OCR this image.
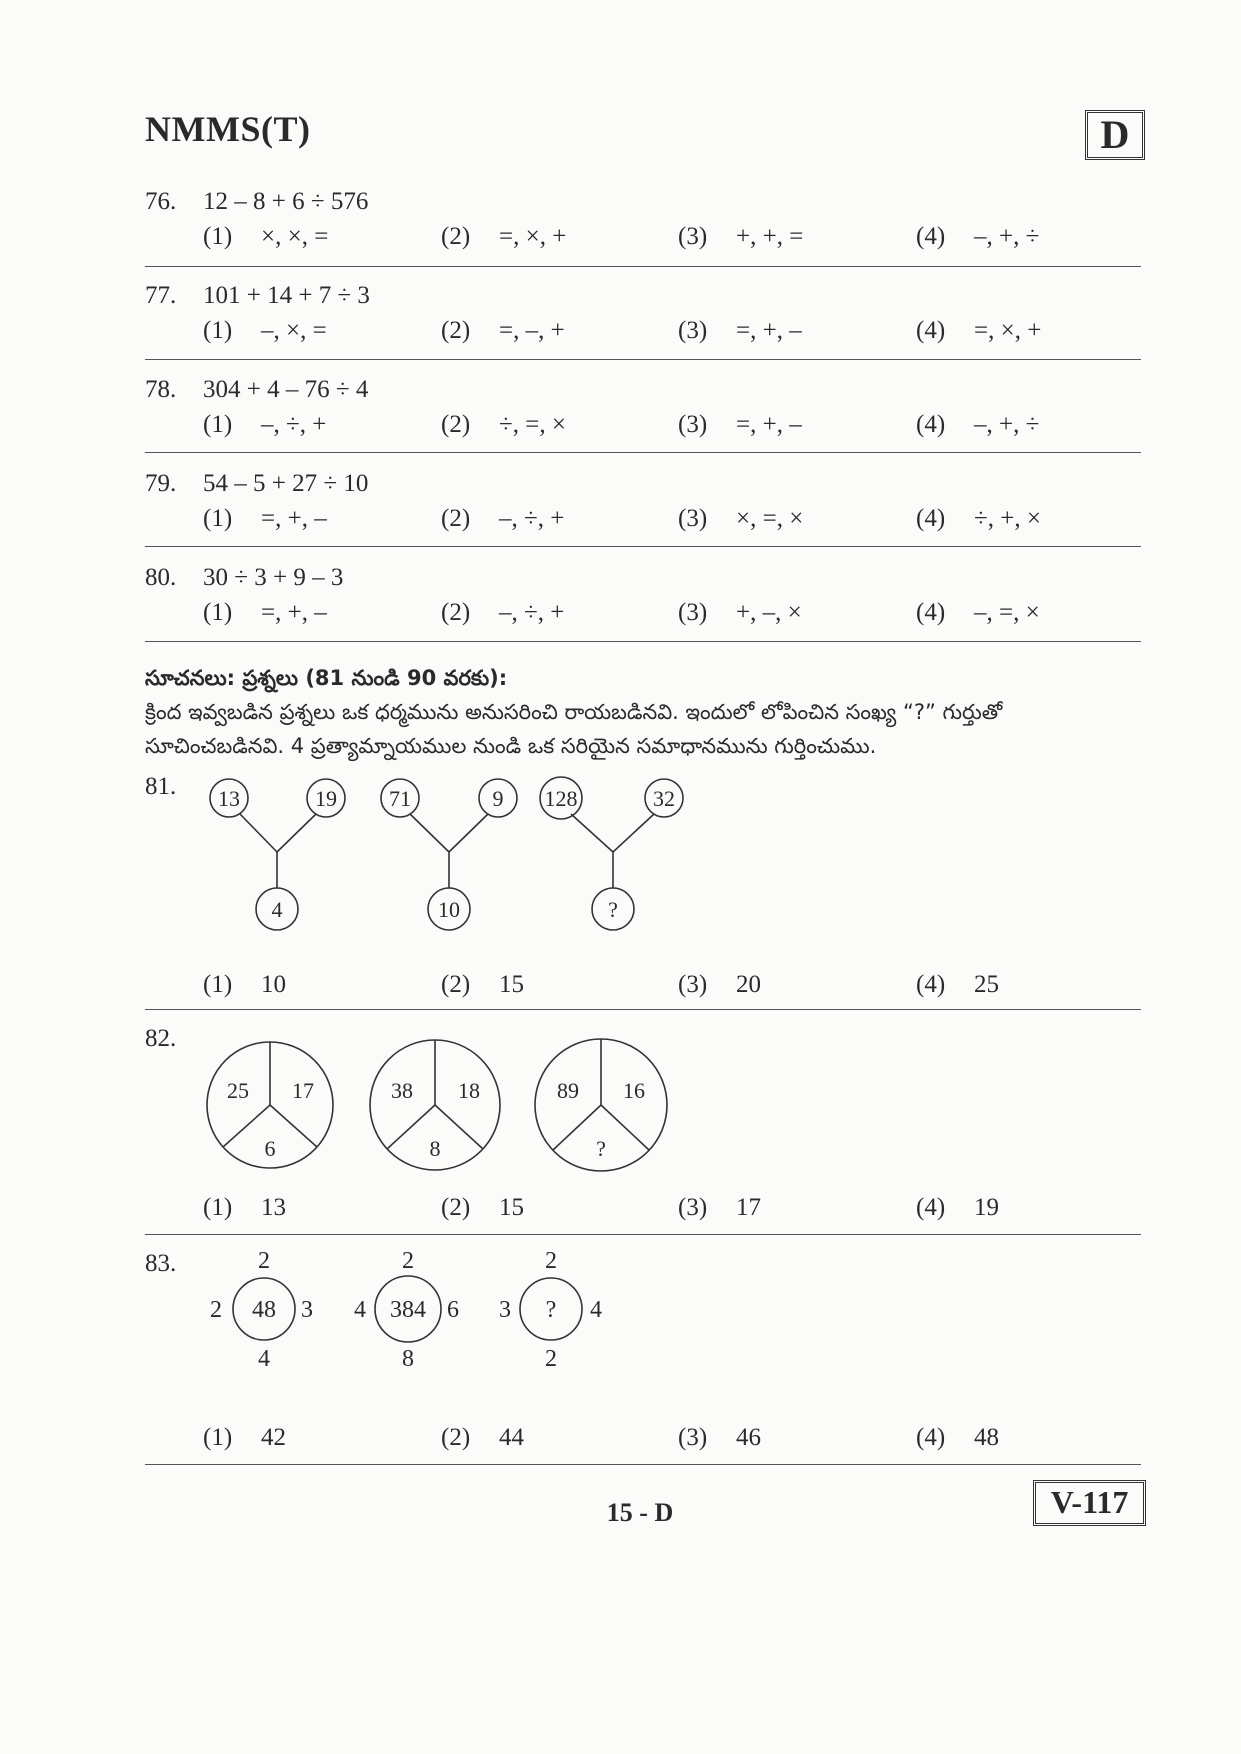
NMMS(T)	D
76. 12 – 8 + 6 ÷ 576
(1) ×, ×, =	(2) =, ×, +	(3) +, +, =	(4) –, +, ÷
77. 101 + 14 + 7 ÷ 3
(1) –, ×, =	(2) =, –, +	(3) =, +, –	(4) =, ×, +
78. 304 + 4 – 76 ÷ 4
(1) –, ÷, +	(2) ÷, =, ×	(3) =, +, –	(4) –, +, ÷
79. 54 – 5 + 27 ÷ 10
(1) =, +, –	(2) –, ÷, +	(3) ×, =, ×	(4) ÷, +, ×
80. 30 ÷ 3 + 9 – 3
(1) =, +, –	(2) –, ÷, +	(3) +, –, ×	(4) –, =, ×
సూచనలు: ప్రశ్నలు (81 నుండి 90 వరకు):
క్రింద ఇవ్వబడిన ప్రశ్నలు ఒక ధర్మమును అనుసరించి రాయబడినవి. ఇందులో లోపించిన సంఖ్య “?” గుర్తుతో
సూచించబడినవి. 4 ప్రత్యామ్నాయముల నుండి ఒక సరియైన సమాధానమును గుర్తించుము.
81.	13	19
4
71	9
10
128	32
?
(1) 10	(2) 15	(3) 20	(4) 25
82.
25 17
6
38 18
8
89 16
?
(1) 13	(2) 15	(3) 17	(4) 19
83.	2
2 48 3
4
2
4 384 6
8
2
3 ? 4
2
(1) 42	(2) 44	(3) 46	(4) 48
15 - D	V-117
